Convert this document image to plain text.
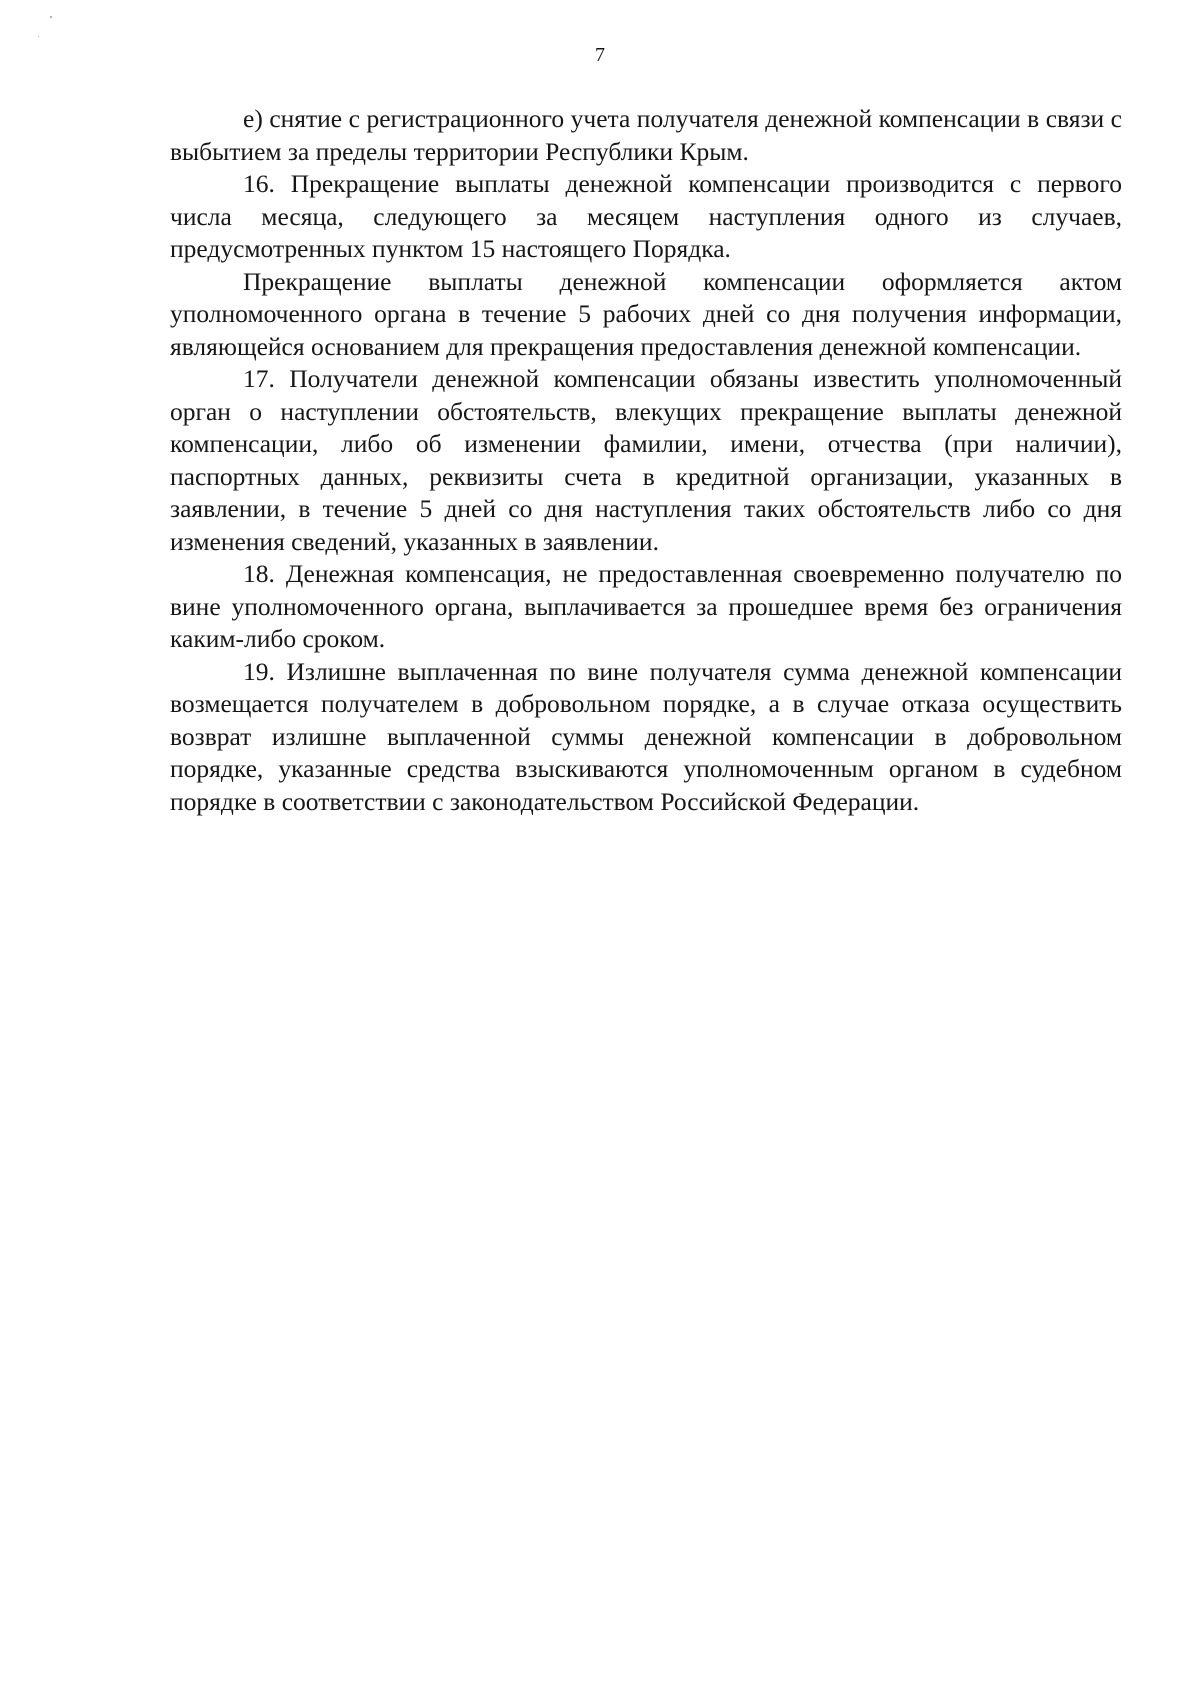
7

е) снятие с регистрационного учета получателя денежной компенсации в связи с выбытием за пределы территории Республики Крым.

16. Прекращение выплаты денежной компенсации производится с первого числа месяца, следующего за месяцем наступления одного из случаев, предусмотренных пунктом 15 настоящего Порядка.

Прекращение выплаты денежной компенсации оформляется актом уполномоченного органа в течение 5 рабочих дней со дня получения информации, являющейся основанием для прекращения предоставления денежной компенсации.

17. Получатели денежной компенсации обязаны известить уполномоченный орган о наступлении обстоятельств, влекущих прекращение выплаты денежной компенсации, либо об изменении фамилии, имени, отчества (при наличии), паспортных данных, реквизиты счета в кредитной организации, указанных в заявлении, в течение 5 дней со дня наступления таких обстоятельств либо со дня изменения сведений, указанных в заявлении.

18. Денежная компенсация, не предоставленная своевременно получателю по вине уполномоченного органа, выплачивается за прошедшее время без ограничения каким-либо сроком.

19. Излишне выплаченная по вине получателя сумма денежной компенсации возмещается получателем в добровольном порядке, а в случае отказа осуществить возврат излишне выплаченной суммы денежной компенсации в добровольном порядке, указанные средства взыскиваются уполномоченным органом в судебном порядке в соответствии с законодательством Российской Федерации.
